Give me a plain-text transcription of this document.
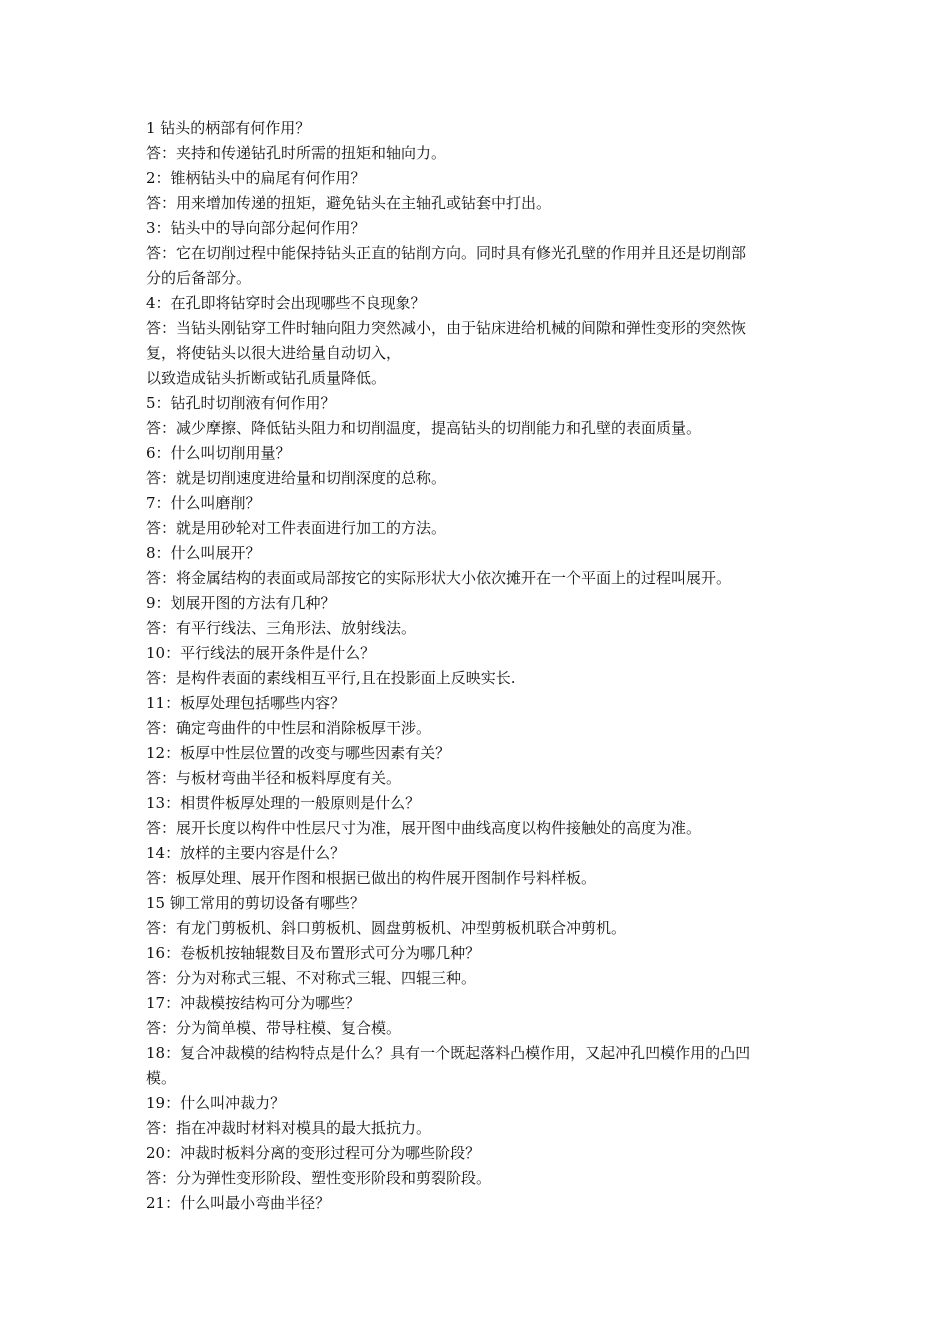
1 钻头的柄部有何作用？

答：夹持和传递钻孔时所需的扭矩和轴向力。

2：锥柄钻头中的扁尾有何作用？

答：用来增加传递的扭矩，避免钻头在主轴孔或钻套中打出。

3：钻头中的导向部分起何作用？

答：它在切削过程中能保持钻头正直的钻削方向。同时具有修光孔壁的作用并且还是切削部

分的后备部分。

4：在孔即将钻穿时会出现哪些不良现象？

答：当钻头刚钻穿工件时轴向阻力突然减小，由于钻床进给机械的间隙和弹性变形的突然恢

复，将使钻头以很大进给量自动切入，

以致造成钻头折断或钻孔质量降低。

5：钻孔时切削液有何作用？

答：减少摩擦、降低钻头阻力和切削温度，提高钻头的切削能力和孔壁的表面质量。

6：什么叫切削用量？

答：就是切削速度进给量和切削深度的总称。

7：什么叫磨削？

答：就是用砂轮对工件表面进行加工的方法。

8：什么叫展开？

答：将金属结构的表面或局部按它的实际形状大小依次摊开在一个平面上的过程叫展开。

9：划展开图的方法有几种？

答：有平行线法、三角形法、放射线法。

10：平行线法的展开条件是什么？

答：是构件表面的素线相互平行,且在投影面上反映实长.

11：板厚处理包括哪些内容？

答：确定弯曲件的中性层和消除板厚干涉。

12：板厚中性层位置的改变与哪些因素有关？

答：与板材弯曲半径和板料厚度有关。

13：相贯件板厚处理的一般原则是什么？

答：展开长度以构件中性层尺寸为准，展开图中曲线高度以构件接触处的高度为准。

14：放样的主要内容是什么？

答：板厚处理、展开作图和根据已做出的构件展开图制作号料样板。

15 铆工常用的剪切设备有哪些？

答：有龙门剪板机、斜口剪板机、圆盘剪板机、冲型剪板机联合冲剪机。

16：卷板机按轴辊数目及布置形式可分为哪几种？

答：分为对称式三辊、不对称式三辊、四辊三种。

17：冲裁模按结构可分为哪些？

答：分为简单模、带导柱模、复合模。

18：复合冲裁模的结构特点是什么？具有一个既起落料凸模作用，又起冲孔凹模作用的凸凹

模。

19：什么叫冲裁力？

答：指在冲裁时材料对模具的最大抵抗力。

20：冲裁时板料分离的变形过程可分为哪些阶段？

答：分为弹性变形阶段、塑性变形阶段和剪裂阶段。

21：什么叫最小弯曲半径？
